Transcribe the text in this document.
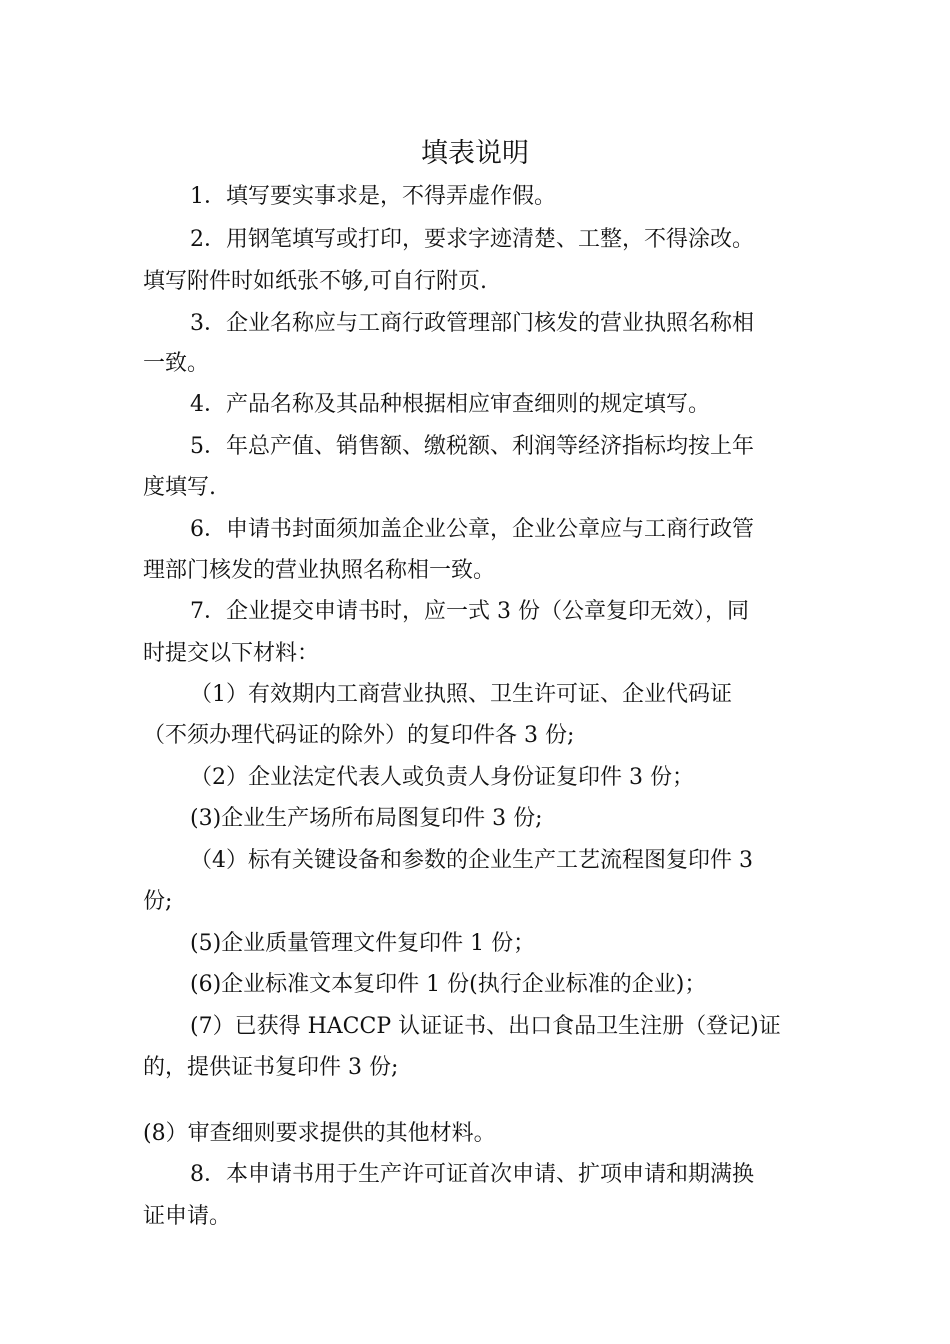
填表说明
1．填写要实事求是，不得弄虚作假。
2．用钢笔填写或打印，要求字迹清楚、工整，不得涂改。
填写附件时如纸张不够,可自行附页.
3．企业名称应与工商行政管理部门核发的营业执照名称相
一致。
4．产品名称及其品种根据相应审查细则的规定填写。
5．年总产值、销售额、缴税额、利润等经济指标均按上年
度填写.
6．申请书封面须加盖企业公章，企业公章应与工商行政管
理部门核发的营业执照名称相一致。
7．企业提交申请书时，应一式 3 份（公章复印无效），同
时提交以下材料：
（1）有效期内工商营业执照、卫生许可证、企业代码证
（不须办理代码证的除外）的复印件各 3 份;
（2）企业法定代表人或负责人身份证复印件 3 份；
(3)企业生产场所布局图复印件 3 份;
（4）标有关键设备和参数的企业生产工艺流程图复印件 3
份;
(5)企业质量管理文件复印件 1 份；
(6)企业标准文本复印件 1 份(执行企业标准的企业)；
(7）已获得 HACCP 认证证书、出口食品卫生注册（登记)证
的，提供证书复印件 3 份;
(8）审查细则要求提供的其他材料。
8．本申请书用于生产许可证首次申请、扩项申请和期满换
证申请。
